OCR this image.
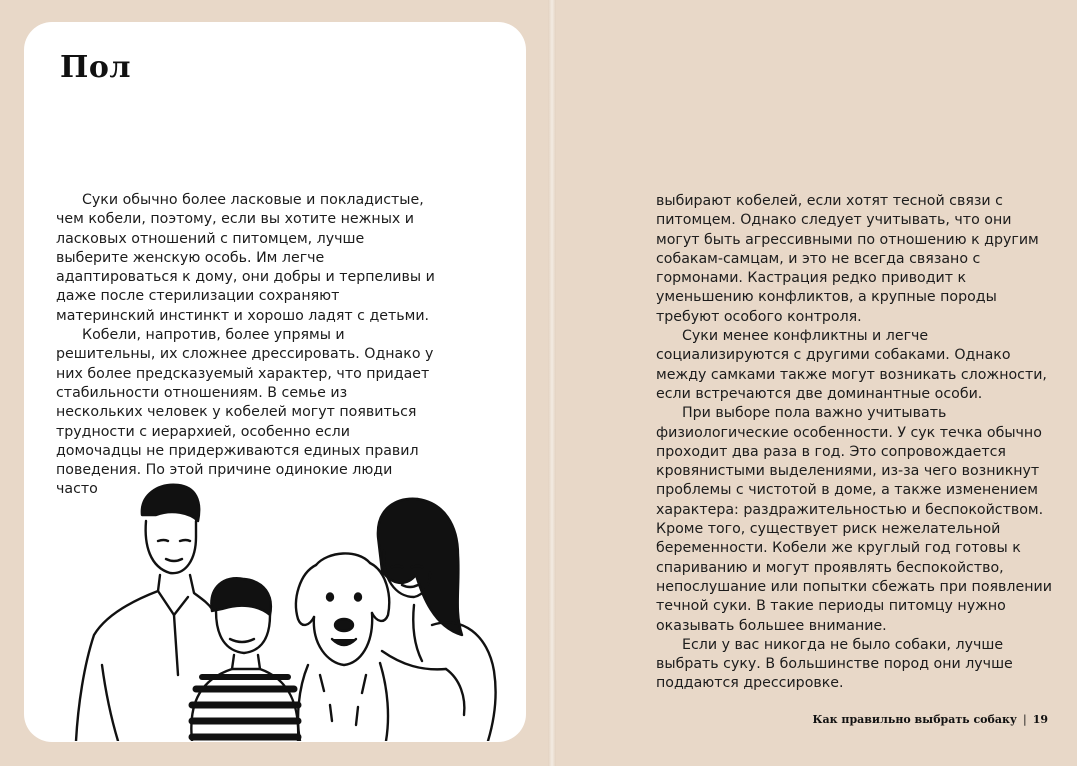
Пол

Суки обычно более ласковые и покладистые, чем кобели, поэтому, если вы хотите нежных и ласковых отношений с питомцем, лучше выберите женскую особь. Им легче адаптироваться к дому, они добры и терпеливы и даже после стерилизации сохраняют материнский инстинкт и хорошо ладят с детьми.

Кобели, напротив, более упрямы и решительны, их сложнее дрессировать. Однако у них более предсказуемый характер, что придает стабильности отношениям. В семье из нескольких человек у кобелей могут появиться трудности с иерархией, особенно если домочадцы не придерживаются единых правил поведения. По этой причине одинокие люди часто

выбирают кобелей, если хотят тесной связи с питомцем. Однако следует учитывать, что они могут быть агрессивными по отношению к другим собакам-самцам, и это не всегда связано с гормонами. Кастрация редко приводит к уменьшению конфликтов, а крупные породы требуют особого контроля.

Суки менее конфликтны и легче социализируются с другими собаками. Однако между самками также могут возникать сложности, если встречаются две доминантные особи.

При выборе пола важно учитывать физиологические особенности. У сук течка обычно проходит два раза в год. Это сопровождается кровянистыми выделениями, из-за чего возникнут проблемы с чистотой в доме, а также изменением характера: раздражительностью и беспокойством. Кроме того, существует риск нежелательной беременности. Кобели же круглый год готовы к спариванию и могут проявлять беспокойство, непослушание или попытки сбежать при появлении течной суки. В такие периоды питомцу нужно оказывать большее внимание.

Если у вас никогда не было собаки, лучше выбрать суку. В большинстве пород они лучше поддаются дрессировке.

Как правильно выбрать собаку | 19
